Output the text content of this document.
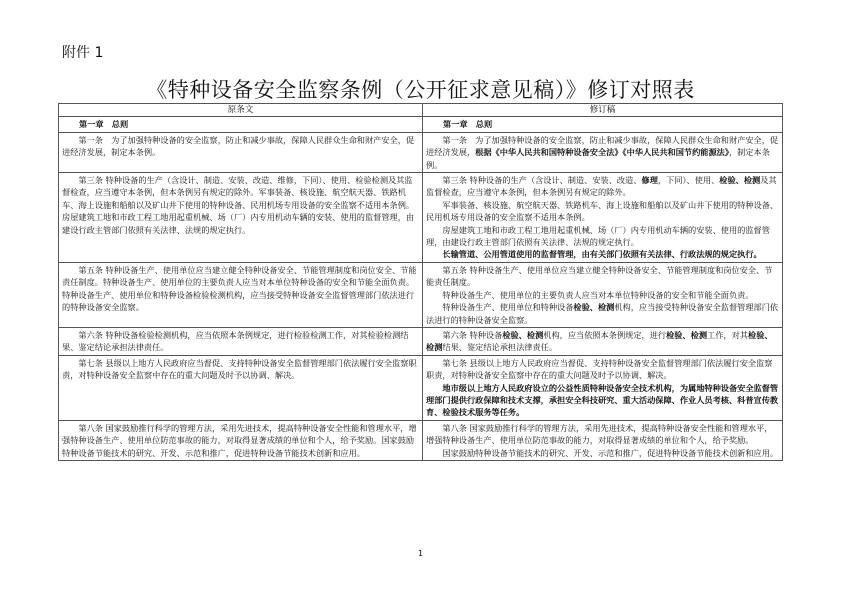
附件 1
《特种设备安全监察条例（公开征求意见稿）》修订对照表
原条文	修订稿
第一章　总则	第一章　总则

第一条　为了加强特种设备的安全监察，防止和减少事故，保障人民群众生命和财产安全，促进经济发展，制定本条例。	第一条　为了加强特种设备的安全监察，防止和减少事故，保障人民群众生命和财产安全，促进经济发展，根据《中华人民共和国特种设备安全法》《中华人民共和国节约能源法》，制定本条例。

第三条 特种设备的生产（含设计、制造、安装、改造、维修，下同）、使用、检验检测及其监督检查，应当遵守本条例，但本条例另有规定的除外。军事装备、核设施、航空航天器、铁路机车、海上设施和船舶以及矿山井下使用的特种设备、民用机场专用设备的安全监察不适用本条例。房屋建筑工地和市政工程工地用起重机械、场（厂）内专用机动车辆的安装、使用的监督管理，由建设行政主管部门依照有关法律、法规的规定执行。	第三条 特种设备的生产（含设计、制造、安装、改造、修理，下同）、使用、检验、检测及其监督检查，应当遵守本条例，但本条例另有规定的除外。

军事装备、核设施、航空航天器、铁路机车、海上设施和船舶以及矿山井下使用的特种设备、民用机场专用设备的安全监察不适用本条例。

房屋建筑工地和市政工程工地用起重机械、场（厂）内专用机动车辆的安装、使用的监督管理，由建设行政主管部门依照有关法律、法规的规定执行。

长输管道、公用管道使用的监督管理，由有关部门依照有关法律、行政法规的规定执行。

第五条 特种设备生产、使用单位应当建立健全特种设备安全、节能管理制度和岗位安全、节能责任制度。特种设备生产、使用单位的主要负责人应当对本单位特种设备的安全和节能全面负责。特种设备生产、使用单位和特种设备检验检测机构，应当接受特种设备安全监督管理部门依法进行的特种设备安全监察。	第五条 特种设备生产、使用单位应当建立健全特种设备安全、节能管理制度和岗位安全、节能责任制度。

特种设备生产、使用单位的主要负责人应当对本单位特种设备的安全和节能全面负责。

特种设备生产、使用单位和特种设备检验、检测机构，应当接受特种设备安全监督管理部门依法进行的特种设备安全监察。

第六条 特种设备检验检测机构，应当依照本条例规定，进行检验检测工作，对其检验检测结果、鉴定结论承担法律责任。	第六条 特种设备检验、检测机构，应当依照本条例规定，进行检验、检测工作，对其检验、检测结果、鉴定结论承担法律责任。

第七条 县级以上地方人民政府应当督促、支持特种设备安全监督管理部门依法履行安全监察职责，对特种设备安全监察中存在的重大问题及时予以协调、解决。	第七条 县级以上地方人民政府应当督促、支持特种设备安全监督管理部门依法履行安全监察职责，对特种设备安全监察中存在的重大问题及时予以协调、解决。

地市级以上地方人民政府设立的公益性质特种设备安全技术机构，为属地特种设备安全监督管理部门提供行政保障和技术支撑，承担安全科技研究、重大活动保障、作业人员考核、科普宣传教育、检验技术服务等任务。

第八条 国家鼓励推行科学的管理方法，采用先进技术，提高特种设备安全性能和管理水平，增强特种设备生产、使用单位防范事故的能力，对取得显著成绩的单位和个人，给予奖励。国家鼓励特种设备节能技术的研究、开发、示范和推广，促进特种设备节能技术创新和应用。	第八条 国家鼓励推行科学的管理方法，采用先进技术，提高特种设备安全性能和管理水平，增强特种设备生产、使用单位防范事故的能力，对取得显著成绩的单位和个人，给予奖励。

国家鼓励特种设备节能技术的研究、开发、示范和推广，促进特种设备节能技术创新和应用。

1
